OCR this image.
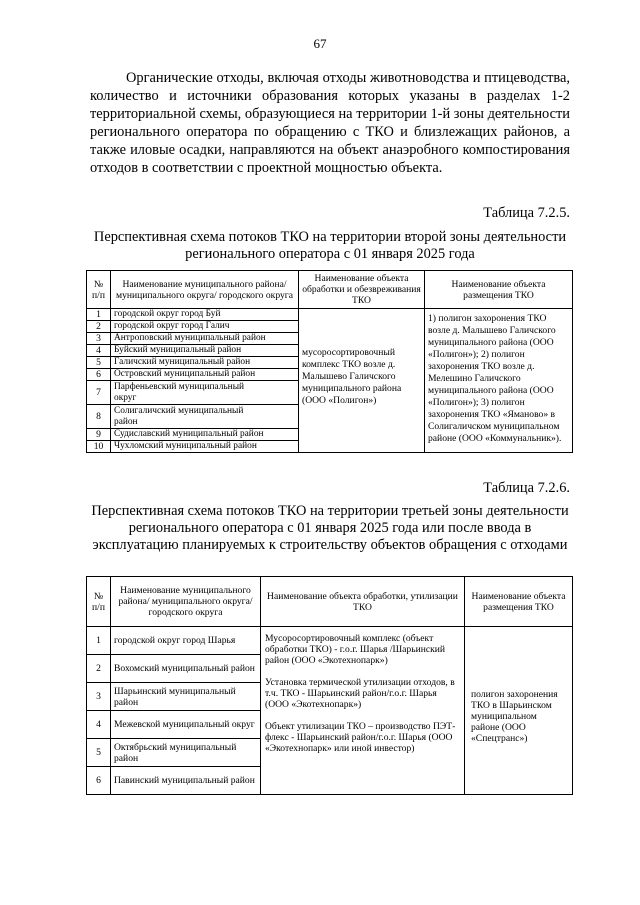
67

Органические отходы, включая отходы животноводства и птицеводства, количество и источники образования которых указаны в разделах 1-2 территориальной схемы, образующиеся на территории 1-й зоны деятельности регионального оператора по обращению с ТКО и близлежащих районов, а также иловые осадки, направляются на объект анаэробного компостирования отходов в соответствии с проектной мощностью объекта.

Таблица 7.2.5.

Перспективная схема потоков ТКО на территории второй зоны деятельности регионального оператора с 01 января 2025 года

№ п/п	Наименование муниципального района/муниципального округа/ городского округа	Наименование объекта обработки и обезвреживания ТКО	Наименование объекта размещения ТКО
1	городской округ город Буй	мусоросортировочный комплекс ТКО возле д. Малышево Галичского муниципального района (ООО «Полигон»)	1) полигон захоронения ТКО возле д. Малышево Галичского муниципального района (ООО «Полигон»); 2) полигон захоронения ТКО возле д. Мелешино Галичского муниципального района (ООО «Полигон»); 3) полигон захоронения ТКО «Яманово» в Солигаличском муниципальном районе (ООО «Коммунальник»).
2	городской округ город Галич		
3	Антроповский муниципальный район		
4	Буйский муниципальный район		
5	Галичский муниципальный район		
6	Островский муниципальный район		
7	Парфеньевский муниципальный округ		

8	Солигаличский муниципальный район		

9	Судиславский муниципальный район		
10	Чухломский муниципальный район		
Таблица 7.2.6.

Перспективная схема потоков ТКО на территории третьей зоны деятельности регионального оператора с 01 января 2025 года или после ввода в эксплуатацию планируемых к строительству объектов обращения с отходами

№ п/п	Наименование муниципального района/ муниципального округа/ городского округа	Наименование объекта обработки, утилизации ТКО	Наименование объекта размещения ТКО
1	городской округ город Шарья	Мусоросортировочный комплекс (объект обработки ТКО) - г.о.г. Шарья /Шарьинский район (ООО «Экотехнопарк»)
Установка термической утилизации отходов, в т.ч. ТКО - Шарьинский район/г.о.г. Шарья (ООО «Экотехнопарк»)
Объект утилизации ТКО – производство ПЭТ-флекс - Шарьинский район/г.о.г. Шарья (ООО «Экотехнопарк» или иной инвестор)	полигон захоронения ТКО в Шарьинском муниципальном районе (ООО «Спецтранс»)

2	Вохомский муниципальный район		
3	Шарьинский муниципальный район		
4	Межевской муниципальный округ		
5	Октябрьский муниципальный район		
6	Павинский муниципальный район		
